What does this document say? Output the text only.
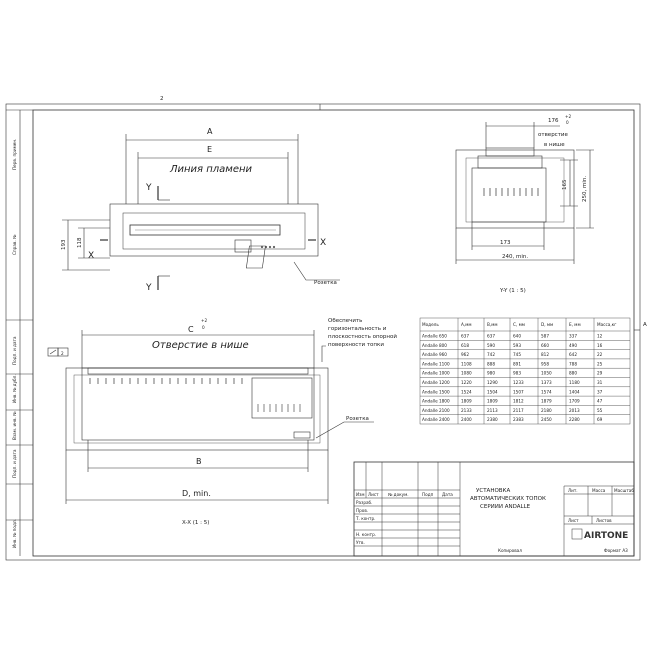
2
A
Перв. примен.
Справ. №
Подп. и дата
Инв. № дубл.
Взам. инв. №
Подп. и дата
Инв. № подл.
A
E
Линия пламени
193 118
Y
Y
X
X
Розетка
176
+2
0
отверстие
в нише
165	250, min.
173
240, min.
Y-Y (1 : 5)
2
C
+2
0
Отверстие в нише
Обеспечить
горизонтальность и
плоскостность опорной
поверхности топки
Розетка
B
D, min.
X-X (1 : 5)
Модель	A,мм	B,мм	C, мм	D, мм	E, мм	Масса,кг
Andalle 650	637	637	640	587	337	12
Andalle 800	618	590	593	660	490	16
Andalle 960	962	742	745	812	642	22
Andalle 1100	1108	888	891	958	788	25
Andalle 1000	1080	980	983	1050	880	29
Andalle 1200	1220	1290	1233	1373	1180	31
Andalle 1500	1524	1504	1507	1574	1404	37
Andalle 1800	1809	1809	1812	1879	1709	47
Andalle 2100	2133	2113	2117	2180	2013	55
Andalle 2400	2400	2380	2383	2450	2280	69
Изм Лист № докум.	Подп Дата
Разраб.
Пров.
Т. контр.
Н. контр.
Утв.
УСТАНОВКА
АВТОМАТИЧЕСКИХ ТОПОК
СЕРИИИ ANDALLE
Лит.	Масса Масштаб
Лист	Листов
AIRTONE
Копировал	Формат А3
